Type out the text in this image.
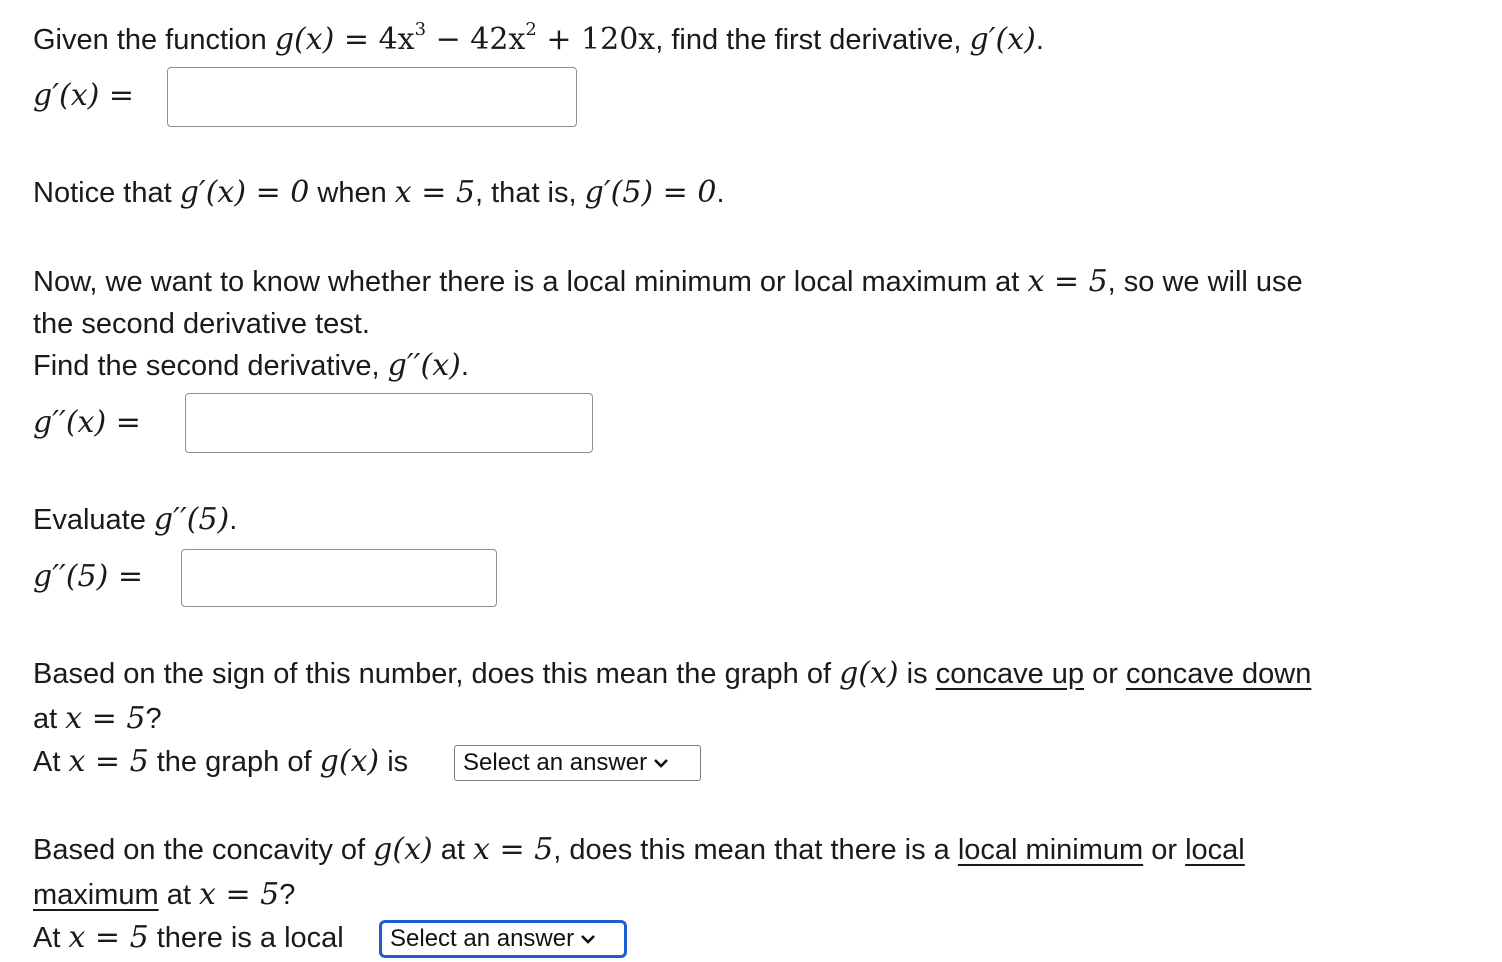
Given the function $g(x) = 4x^3 - 42x^2 + 120x$, find the first derivative, g′(x).
g′(x) =
Notice that g′(x) = 0 when x = 5, that is, g′(5) = 0.
Now, we want to know whether there is a local minimum or local maximum at x = 5, so we will use
the second derivative test.
Find the second derivative, g′′(x).
g′′(x) =
Evaluate g′′(5).
g′′(5) =
Based on the sign of this number, does this mean the graph of g(x) is concave up or concave down
at x = 5?
At x = 5 the graph of g(x) is Select an answer
Based on the concavity of g(x) at x = 5, does this mean that there is a local minimum or local
maximum at x = 5?
At x = 5 there is a local Select an answer
